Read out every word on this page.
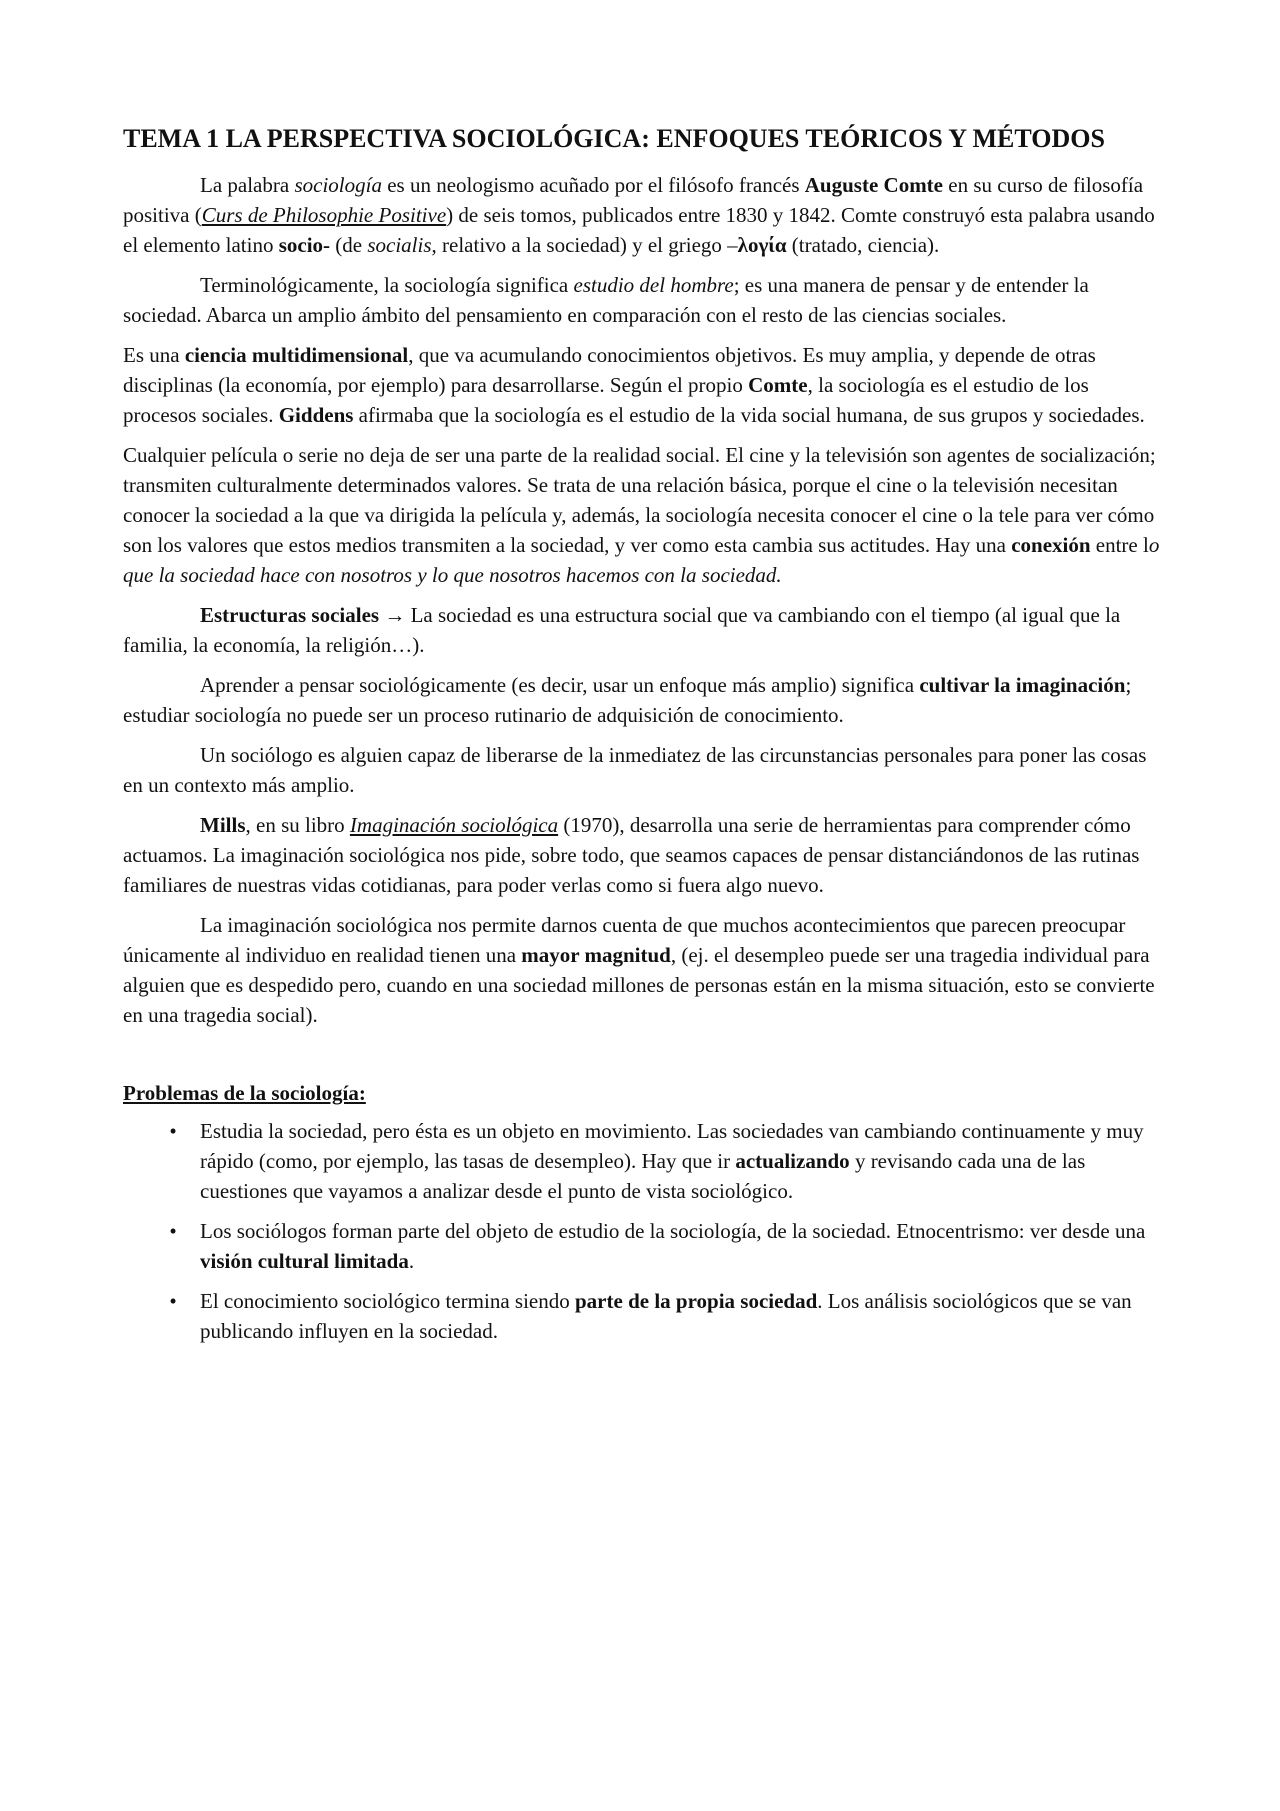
TEMA 1 LA PERSPECTIVA SOCIOLÓGICA: ENFOQUES TEÓRICOS Y MÉTODOS

La palabra sociología es un neologismo acuñado por el filósofo francés Auguste Comte en su curso de filosofía positiva (Curs de Philosophie Positive) de seis tomos, publicados entre 1830 y 1842. Comte construyó esta palabra usando el elemento latino socio- (de socialis, relativo a la sociedad) y el griego –λογία (tratado, ciencia).

Terminológicamente, la sociología significa estudio del hombre; es una manera de pensar y de entender la sociedad. Abarca un amplio ámbito del pensamiento en comparación con el resto de las ciencias sociales.

Es una ciencia multidimensional, que va acumulando conocimientos objetivos. Es muy amplia, y depende de otras disciplinas (la economía, por ejemplo) para desarrollarse. Según el propio Comte, la sociología es el estudio de los procesos sociales. Giddens afirmaba que la sociología es el estudio de la vida social humana, de sus grupos y sociedades.

Cualquier película o serie no deja de ser una parte de la realidad social. El cine y la televisión son agentes de socialización; transmiten culturalmente determinados valores. Se trata de una relación básica, porque el cine o la televisión necesitan conocer la sociedad a la que va dirigida la película y, además, la sociología necesita conocer el cine o la tele para ver cómo son los valores que estos medios transmiten a la sociedad, y ver como esta cambia sus actitudes. Hay una conexión entre lo que la sociedad hace con nosotros y lo que nosotros hacemos con la sociedad.

Estructuras sociales → La sociedad es una estructura social que va cambiando con el tiempo (al igual que la familia, la economía, la religión…).

Aprender a pensar sociológicamente (es decir, usar un enfoque más amplio) significa cultivar la imaginación; estudiar sociología no puede ser un proceso rutinario de adquisición de conocimiento.

Un sociólogo es alguien capaz de liberarse de la inmediatez de las circunstancias personales para poner las cosas en un contexto más amplio.

Mills, en su libro Imaginación sociológica (1970), desarrolla una serie de herramientas para comprender cómo actuamos. La imaginación sociológica nos pide, sobre todo, que seamos capaces de pensar distanciándonos de las rutinas familiares de nuestras vidas cotidianas, para poder verlas como si fuera algo nuevo.

La imaginación sociológica nos permite darnos cuenta de que muchos acontecimientos que parecen preocupar únicamente al individuo en realidad tienen una mayor magnitud, (ej. el desempleo puede ser una tragedia individual para alguien que es despedido pero, cuando en una sociedad millones de personas están en la misma situación, esto se convierte en una tragedia social).

Problemas de la sociología:
•	Estudia la sociedad, pero ésta es un objeto en movimiento. Las sociedades van cambiando continuamente y muy rápido (como, por ejemplo, las tasas de desempleo). Hay que ir actualizando y revisando cada una de las cuestiones que vayamos a analizar desde el punto de vista sociológico.
•	Los sociólogos forman parte del objeto de estudio de la sociología, de la sociedad. Etnocentrismo: ver desde una visión cultural limitada.
•	El conocimiento sociológico termina siendo parte de la propia sociedad. Los análisis sociológicos que se van publicando influyen en la sociedad.
